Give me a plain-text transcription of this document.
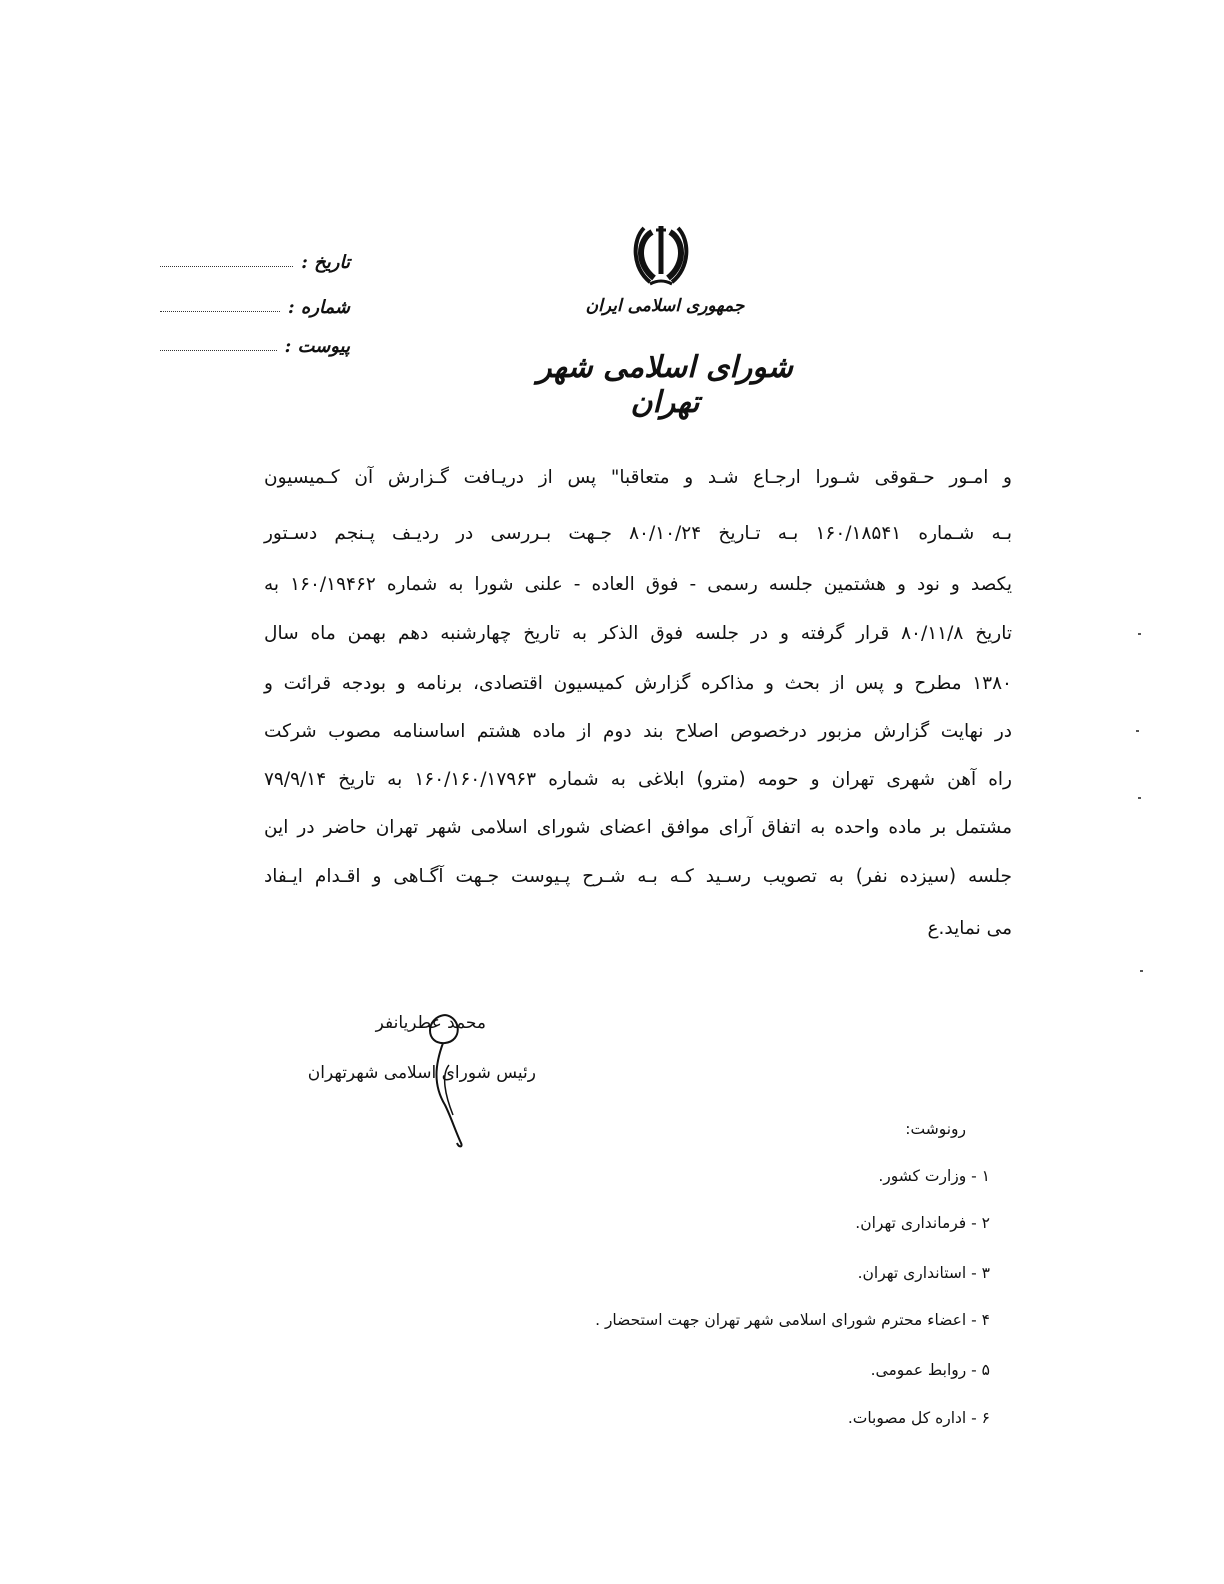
جمهوری اسلامی ایران
شورای اسلامی شهر تهران
تاریخ :
شماره :
پیوست :
و امـور حـقوقی شـورا ارجـاع شـد و متعاقبا" پس از دریـافت گـزارش آن کـمیسیون
بـه شـماره ۱۶۰/۱۸۵۴۱ بـه تـاریخ ۸۰/۱۰/۲۴ جـهت بـررسی در ردیـف پـنجم دسـتور
یکصد و نود و هشتمین جلسه رسمی - فوق العاده - علنی شورا به شماره ۱۶۰/۱۹۴۶۲ به
تاریخ ۸۰/۱۱/۸ قرار گرفته و در جلسه فوق الذکر به تاریخ چهارشنبه دهم بهمن ماه سال
۱۳۸۰ مطرح و پس از بحث و مذاکره گزارش کمیسیون اقتصادی، برنامه و بودجه قرائت و
در نهایت گزارش مزبور درخصوص اصلاح بند دوم از ماده هشتم اساسنامه مصوب شرکت
راه آهن شهری تهران و حومه (مترو) ابلاغی به شماره ۱۶۰/۱۶۰/۱۷۹۶۳ به تاریخ ۷۹/۹/۱۴
مشتمل بر ماده واحده به اتفاق آرای موافق اعضای شورای اسلامی شهر تهران حاضر در این
جلسه (سیزده نفر) به تصویب رسـید کـه بـه شـرح پـیوست جـهت آگـاهی و اقـدام ایـفاد
می نماید.ع
محمد عطریانفر
رئیس شورای اسلامی شهرتهران
رونوشت:
۱ - وزارت کشور.
۲ - فرمانداری تهران.
۳ - استانداری تهران.
۴ - اعضاء محترم شورای اسلامی شهر تهران جهت استحضار .
۵ - روابط عمومی.
۶ - اداره کل مصوبات.
